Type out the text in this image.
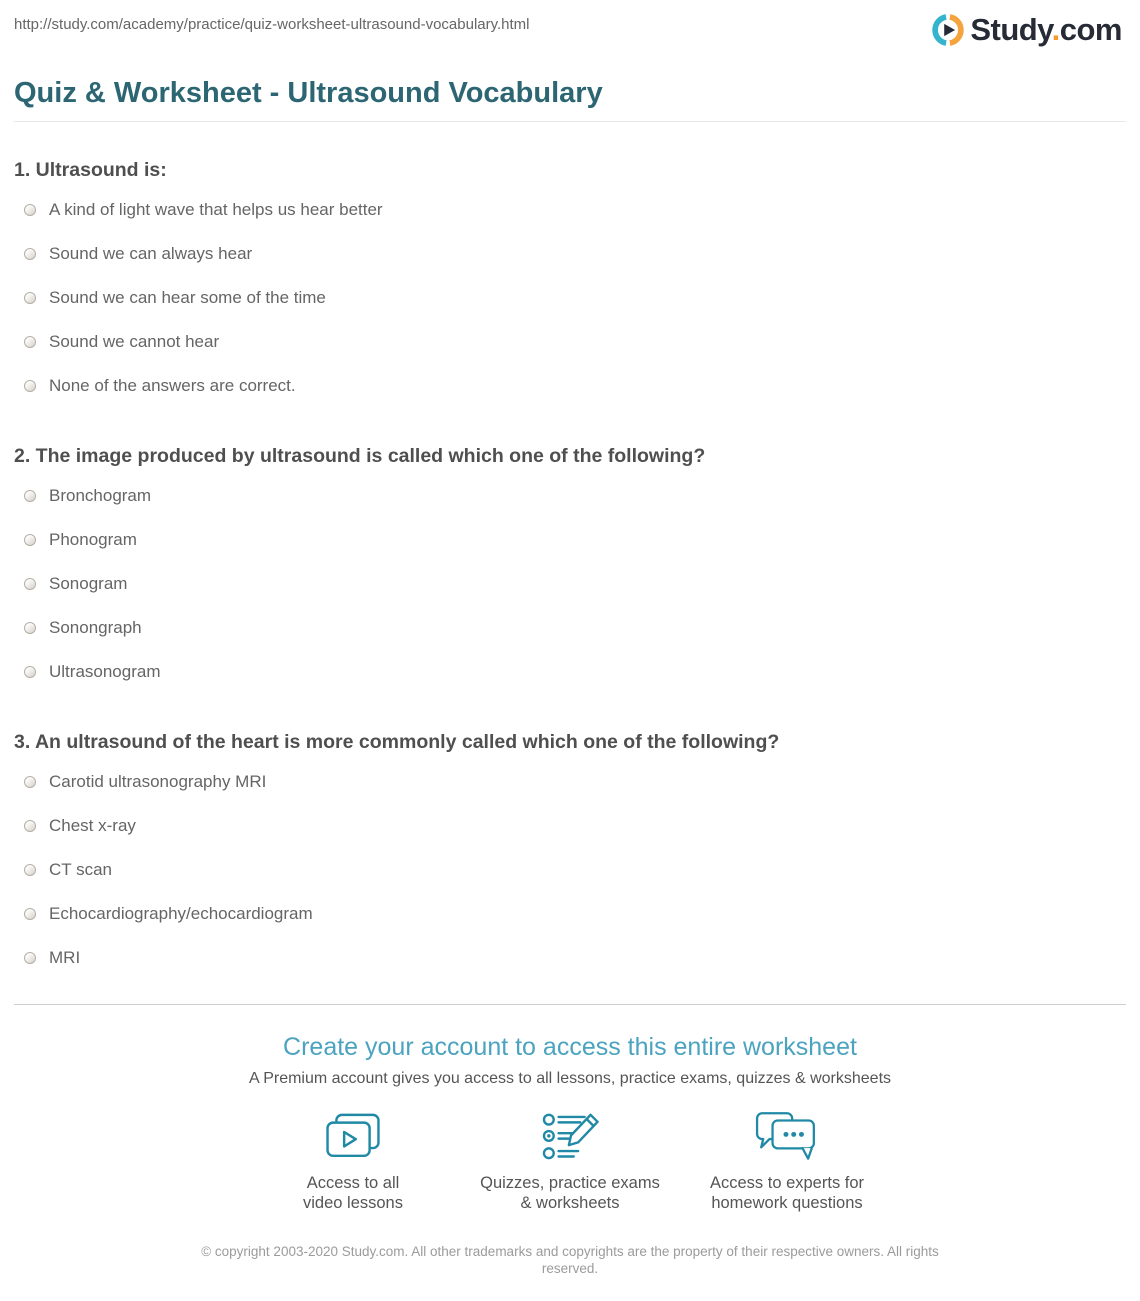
http://study.com/academy/practice/quiz-worksheet-ultrasound-vocabulary.html	Study.com
Quiz & Worksheet - Ultrasound Vocabulary
1. Ultrasound is:
A kind of light wave that helps us hear better
Sound we can always hear
Sound we can hear some of the time
Sound we cannot hear
None of the answers are correct.
2. The image produced by ultrasound is called which one of the following?
Bronchogram
Phonogram
Sonogram
Sonongraph
Ultrasonogram
3. An ultrasound of the heart is more commonly called which one of the following?
Carotid ultrasonography MRI
Chest x-ray
CT scan
Echocardiography/echocardiogram
MRI
Create your account to access this entire worksheet

A Premium account gives you access to all lessons, practice exams, quizzes & worksheets

Access to all
video lessons
Quizzes, practice exams
& worksheets
Access to experts for
homework questions

© copyright 2003-2020 Study.com. All other trademarks and copyrights are the property of their respective owners. All rights reserved.
